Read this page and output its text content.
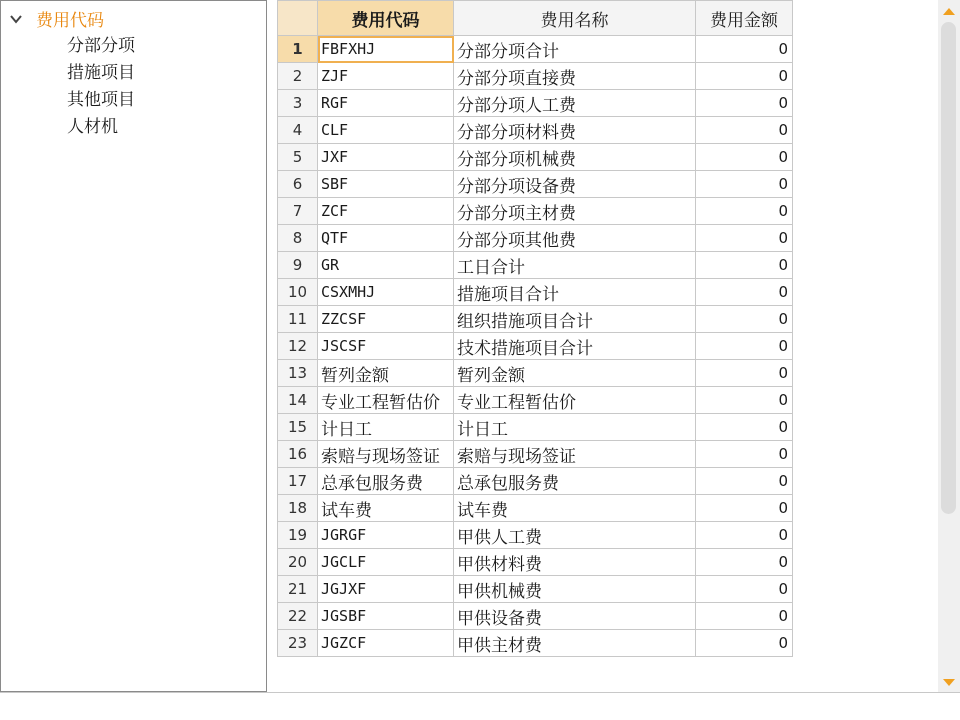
费用代码
分部分项
措施项目
其他项目
人材机
	费用代码	费用名称	费用金额
1	FBFXHJ	分部分项合计	0
2	ZJF	分部分项直接费	0
3	RGF	分部分项人工费	0
4	CLF	分部分项材料费	0
5	JXF	分部分项机械费	0
6	SBF	分部分项设备费	0
7	ZCF	分部分项主材费	0
8	QTF	分部分项其他费	0
9	GR	工日合计	0
10	CSXMHJ	措施项目合计	0
11	ZZCSF	组织措施项目合计	0
12	JSCSF	技术措施项目合计	0
13	暂列金额	暂列金额	0
14	专业工程暂估价	专业工程暂估价	0
15	计日工	计日工	0
16	索赔与现场签证	索赔与现场签证	0
17	总承包服务费	总承包服务费	0
18	试车费	试车费	0
19	JGRGF	甲供人工费	0
20	JGCLF	甲供材料费	0
21	JGJXF	甲供机械费	0
22	JGSBF	甲供设备费	0
23	JGZCF	甲供主材费	0
